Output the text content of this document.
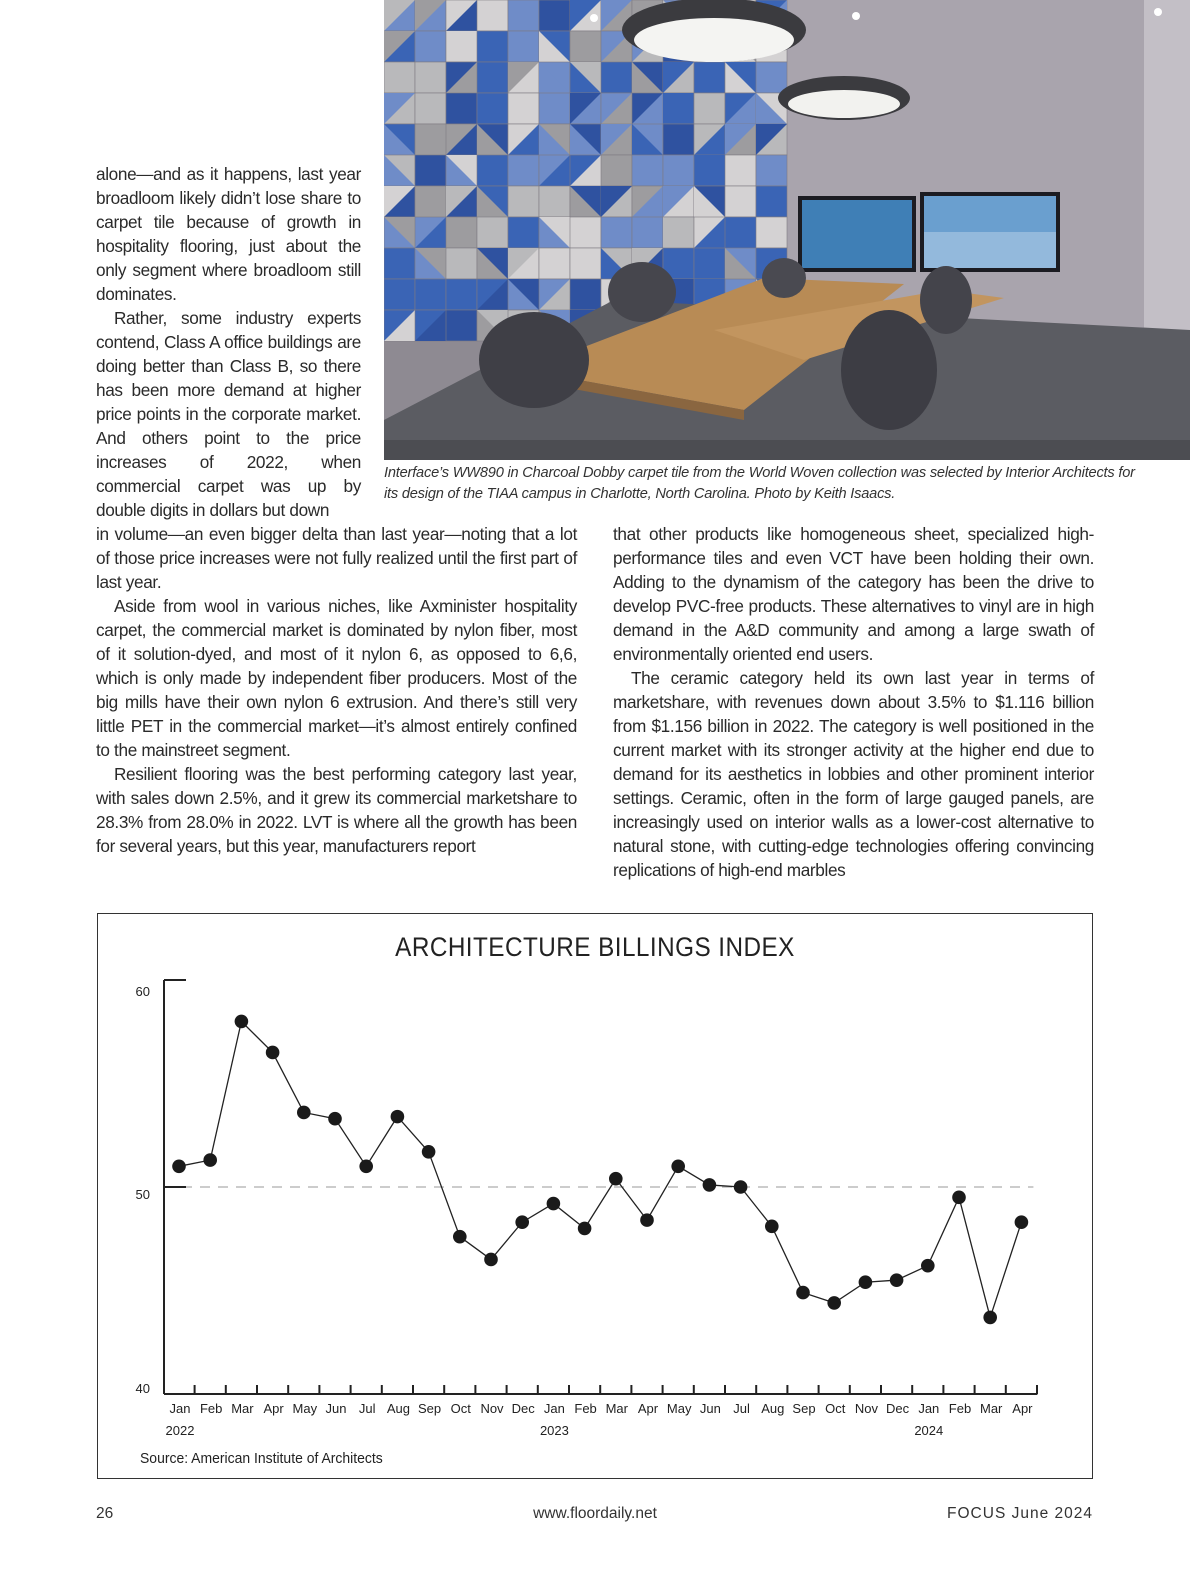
Interface’s WW890 in Charcoal Dobby carpet tile from the World Woven collection was selected by Interior Architects for its design of the TIAA campus in Charlotte, North Carolina. Photo by Keith Isaacs.

alone—and as it happens, last year broadloom likely didn’t lose share to carpet tile because of growth in hospitality flooring, just about the only segment where broadloom still dominates.

Rather, some industry experts contend, Class A office buildings are doing better than Class B, so there has been more demand at higher price points in the corporate market. And others point to the price increases of 2022, when commercial carpet was up by double digits in dollars but down

in volume—an even bigger delta than last year—noting that a lot of those price increases were not fully realized until the first part of last year.

Aside from wool in various niches, like Axminister hospitality carpet, the commercial market is dominated by nylon fiber, most of it solution-dyed, and most of it nylon 6, as opposed to 6,6, which is only made by independent fiber producers. Most of the big mills have their own nylon 6 extrusion. And there’s still very little PET in the commercial market—it’s almost entirely confined to the mainstreet segment.

Resilient flooring was the best performing category last year, with sales down 2.5%, and it grew its commercial marketshare to 28.3% from 28.0% in 2022. LVT is where all the growth has been for several years, but this year, manufacturers report

that other products like homogeneous sheet, specialized high-performance tiles and even VCT have been holding their own. Adding to the dynamism of the category has been the drive to develop PVC-free products. These alternatives to vinyl are in high demand in the A&D community and among a large swath of environmentally oriented end users.

The ceramic category held its own last year in terms of marketshare, with revenues down about 3.5% to $1.116 billion from $1.156 billion in 2022. The category is well positioned in the current market with its stronger activity at the higher end due to demand for its aesthetics in lobbies and other prominent interior settings. Ceramic, often in the form of large gauged panels, are increasingly used on interior walls as a lower-cost alternative to natural stone, with cutting-edge technologies offering convincing replications of high-end marbles

40
50
60
Jan Feb Mar Apr May Jun Jul Aug Sep Oct Nov Dec Jan Feb Mar Apr May Jun Jul Aug Sep Oct Nov Dec Jan Feb Mar Apr
2022	2023	2024
ARCHITECTURE BILLINGS INDEX
Source: American Institute of Architects
26	www.floordaily.net	FOCUS June 2024
